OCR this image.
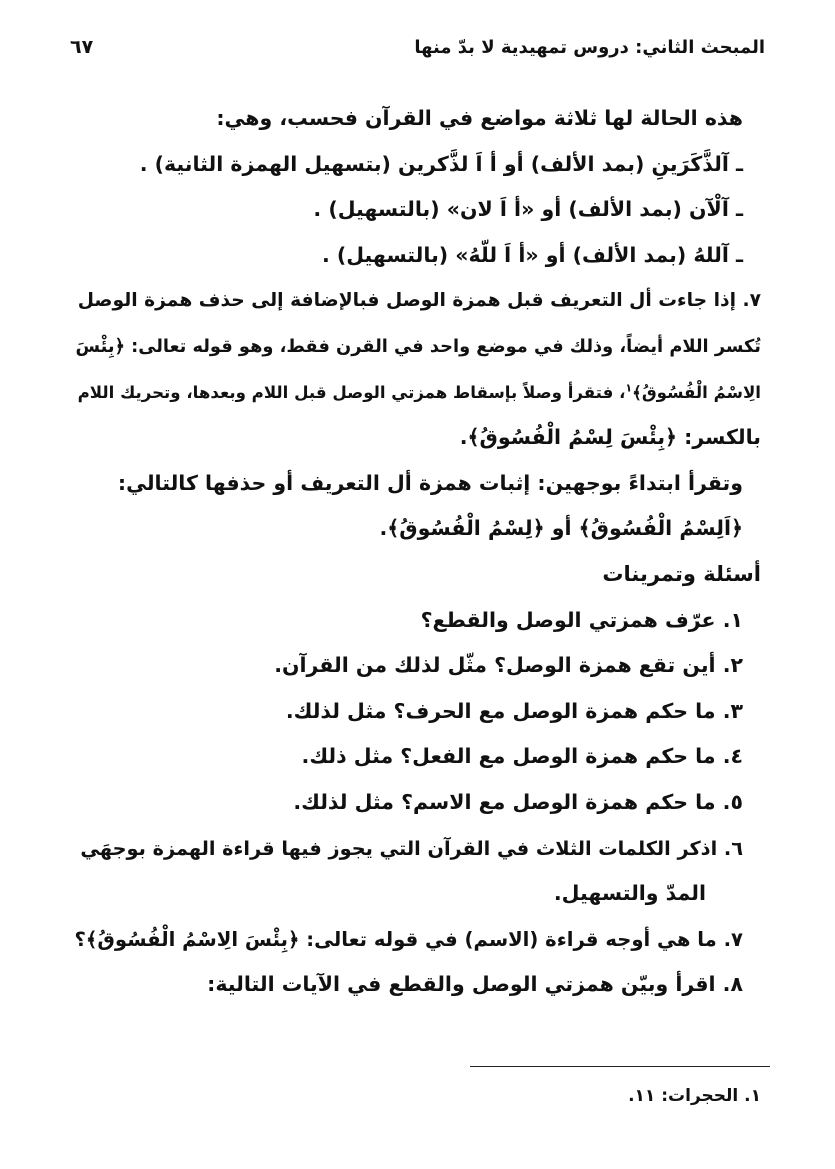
المبحث الثاني: دروس تمهيدية لا بدّ منها
٦٧
هذه الحالة لها ثلاثة مواضع في القرآن فحسب، وهي:
ـ آلذَّكَرَينِ (بمد الألف) أو أ اَ لذَّكرين (بتسهيل الهمزة الثانية) .
ـ آلْآن (بمد الألف) أو «أ اَ لان» (بالتسهيل) .
ـ آللهُ (بمد الألف) أو «أ اَ للّهُ» (بالتسهيل) .
٧. إذا جاءت أل التعريف قبل همزة الوصل فبالإضافة إلى حذف همزة الوصل
تُكسر اللام أيضاً، وذلك في موضع واحد في القرن فقط، وهو قوله تعالى: ﴿بِئْسَ
الِاسْمُ الْفُسُوقُ﴾$^١$، فتقرأ وصلاً بإسقاط همزتي الوصل قبل اللام وبعدها، وتحريك اللام
بالكسر: ﴿بِئْسَ لِسْمُ الْفُسُوقُ﴾.
وتقرأ ابتداءً بوجهين: إثبات همزة أل التعريف أو حذفها كالتالي:
﴿اَلِسْمُ الْفُسُوقُ﴾ أو ﴿لِسْمُ الْفُسُوقُ﴾.
أسئلة وتمرينات
١. عرّف همزتي الوصل والقطع؟
٢. أين تقع همزة الوصل؟ مثّل لذلك من القرآن.
٣. ما حكم همزة الوصل مع الحرف؟ مثل لذلك.
٤. ما حكم همزة الوصل مع الفعل؟ مثل ذلك.
٥. ما حكم همزة الوصل مع الاسم؟ مثل لذلك.
٦. اذكر الكلمات الثلاث في القرآن التي يجوز فيها قراءة الهمزة بوجهَي
المدّ والتسهيل.
٧. ما هي أوجه قراءة (الاسم) في قوله تعالى: ﴿بِئْسَ الِاسْمُ الْفُسُوقُ﴾؟
٨. اقرأ وبيّن همزتي الوصل والقطع في الآيات التالية:
١. الحجرات: ١١.
